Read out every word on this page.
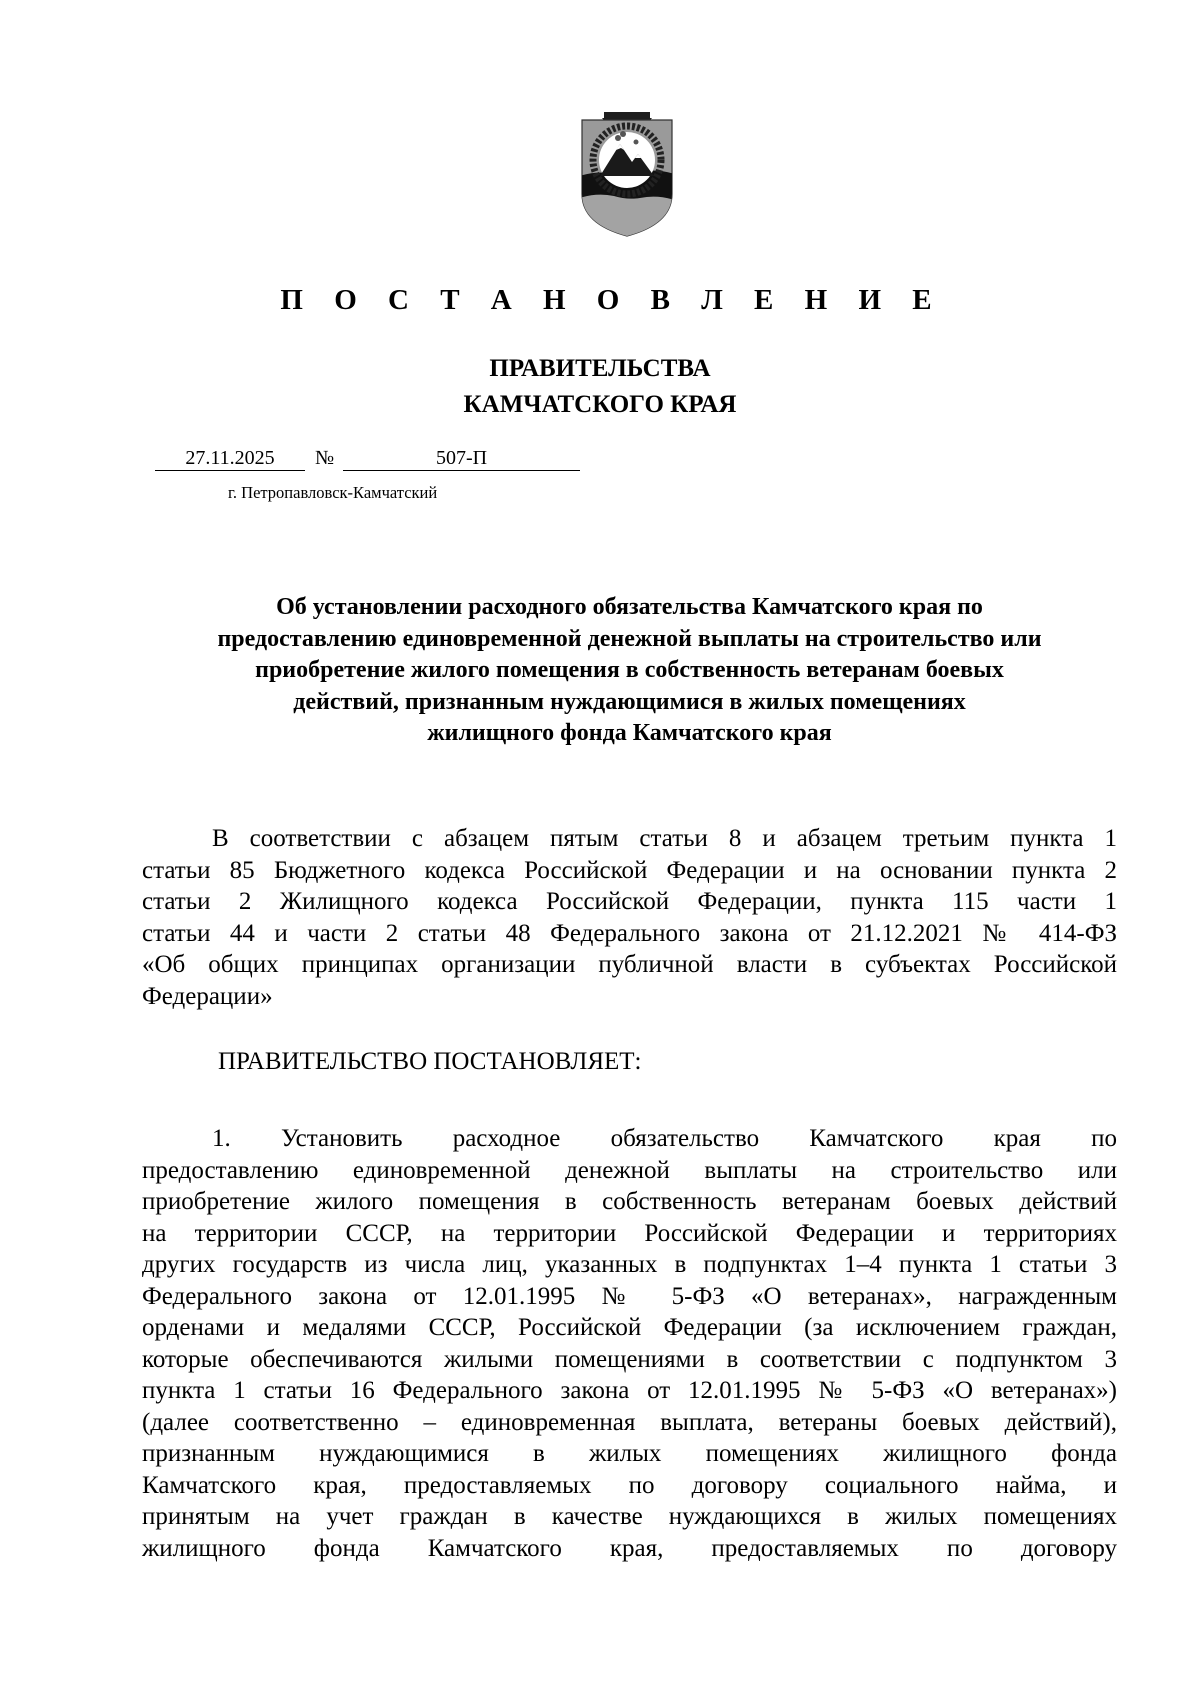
П О С Т А Н О В Л Е Н И Е
ПРАВИТЕЛЬСТВА
КАМЧАТСКОГО КРАЯ
27.11.2025	№	507-П
г. Петропавловск-Камчатский
Об установлении расходного обязательства Камчатского края по
предоставлению единовременной денежной выплаты на строительство или
приобретение жилого помещения в собственность ветеранам боевых
действий, признанным нуждающимися в жилых помещениях
жилищного фонда Камчатского края
В соответствии с абзацем пятым статьи 8 и абзацем третьим пункта 1
статьи 85 Бюджетного кодекса Российской Федерации и на основании пункта 2
статьи 2 Жилищного кодекса Российской Федерации, пункта 115 части 1
статьи 44 и части 2 статьи 48 Федерального закона от 21.12.2021 № 414-ФЗ
«Об общих принципах организации публичной власти в субъектах Российской
Федерации»
ПРАВИТЕЛЬСТВО ПОСТАНОВЛЯЕТ:
1. Установить расходное обязательство Камчатского края по
предоставлению единовременной денежной выплаты на строительство или
приобретение жилого помещения в собственность ветеранам боевых действий
на территории СССР, на территории Российской Федерации и территориях
других государств из числа лиц, указанных в подпунктах 1–4 пункта 1 статьи 3
Федерального закона от 12.01.1995 № 5-ФЗ «О ветеранах», награжденным
орденами и медалями СССР, Российской Федерации (за исключением граждан,
которые обеспечиваются жилыми помещениями в соответствии с подпунктом 3
пункта 1 статьи 16 Федерального закона от 12.01.1995 № 5-ФЗ «О ветеранах»)
(далее соответственно – единовременная выплата, ветераны боевых действий),
признанным нуждающимися в жилых помещениях жилищного фонда
Камчатского края, предоставляемых по договору социального найма, и
принятым на учет граждан в качестве нуждающихся в жилых помещениях
жилищного фонда Камчатского края, предоставляемых по договору
